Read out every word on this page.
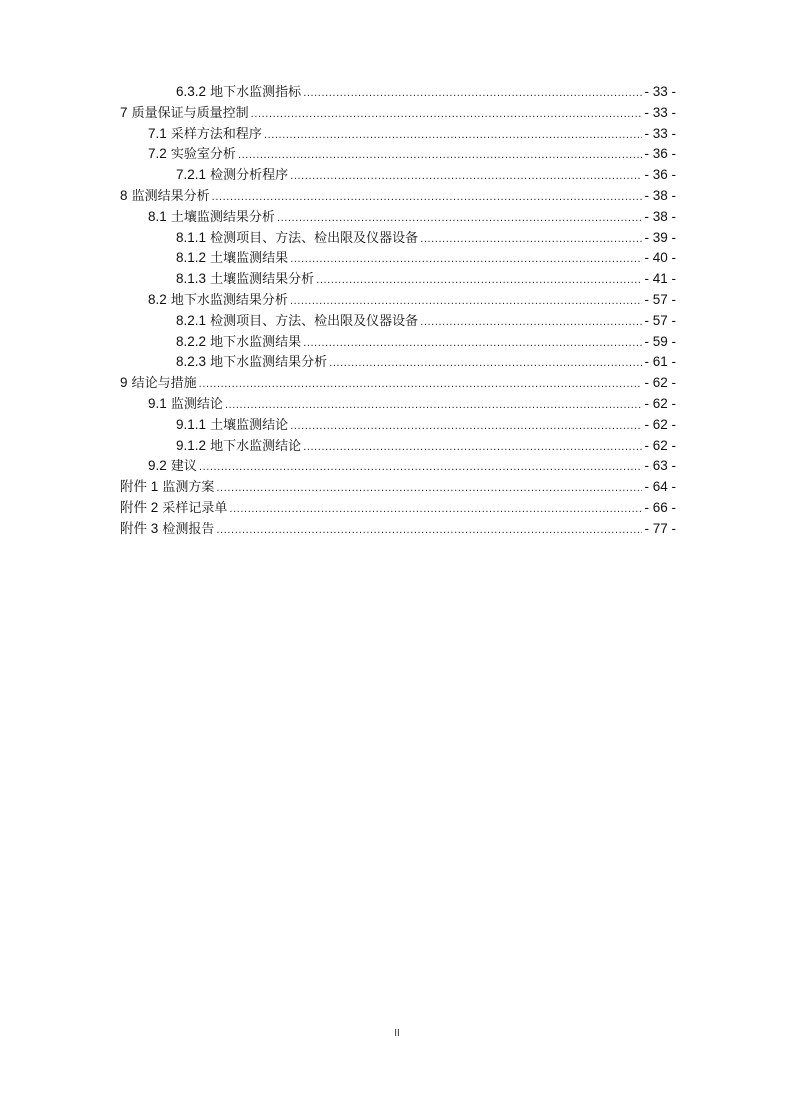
6.3.2 地下水监测指标 .....	- 33 -
7 质量保证与质量控制 .....	- 33 -
7.1 采样方法和程序 .....	- 33 -
7.2 实验室分析 .....	- 36 -
7.2.1 检测分析程序 .....	- 36 -
8 监测结果分析 .....	- 38 -
8.1 土壤监测结果分析 .....	- 38 -
8.1.1 检测项目、方法、检出限及仪器设备 .....	- 39 -
8.1.2 土壤监测结果 .....	- 40 -
8.1.3 土壤监测结果分析 .....	- 41 -
8.2 地下水监测结果分析 .....	- 57 -
8.2.1 检测项目、方法、检出限及仪器设备 .....	- 57 -
8.2.2 地下水监测结果 .....	- 59 -
8.2.3 地下水监测结果分析 .....	- 61 -
9 结论与措施 .....	- 62 -
9.1 监测结论 .....	- 62 -
9.1.1 土壤监测结论 .....	- 62 -
9.1.2 地下水监测结论 .....	- 62 -
9.2 建议 .....	- 63 -
附件 1 监测方案 .....	- 64 -
附件 2 采样记录单 .....	- 66 -
附件 3 检测报告 .....	- 77 -
II
